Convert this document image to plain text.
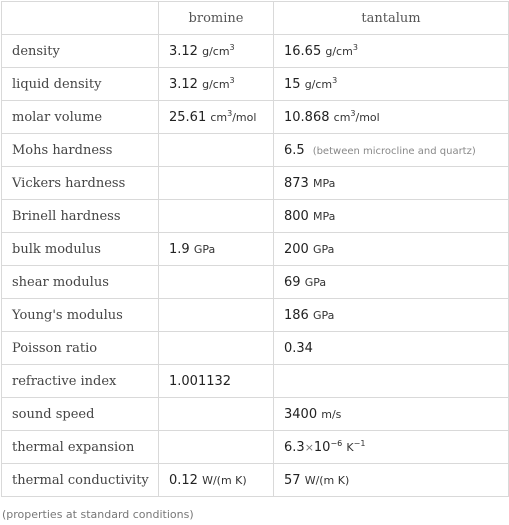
	bromine	tantalum
density	3.12 $g/cm^3$	16.65 $g/cm^3$
liquid density	3.12 $g/cm^3$	15 $g/cm^3$
molar volume	25.61 $cm^3$/mol	10.868 $cm^3$/mol
Mohs hardness		6.5 (between microcline and quartz)
Vickers hardness		873 MPa
Brinell hardness		800 MPa
bulk modulus	1.9 GPa	200 GPa
shear modulus		69 GPa
Young's modulus		186 GPa
Poisson ratio		0.34
refractive index	1.001132	
sound speed		3400 m/s
thermal expansion		$6.3\times 10^{-6}$ $K^{-1}$
thermal conductivity	0.12 W/(m K)	57 W/(m K)
(properties at standard conditions)
